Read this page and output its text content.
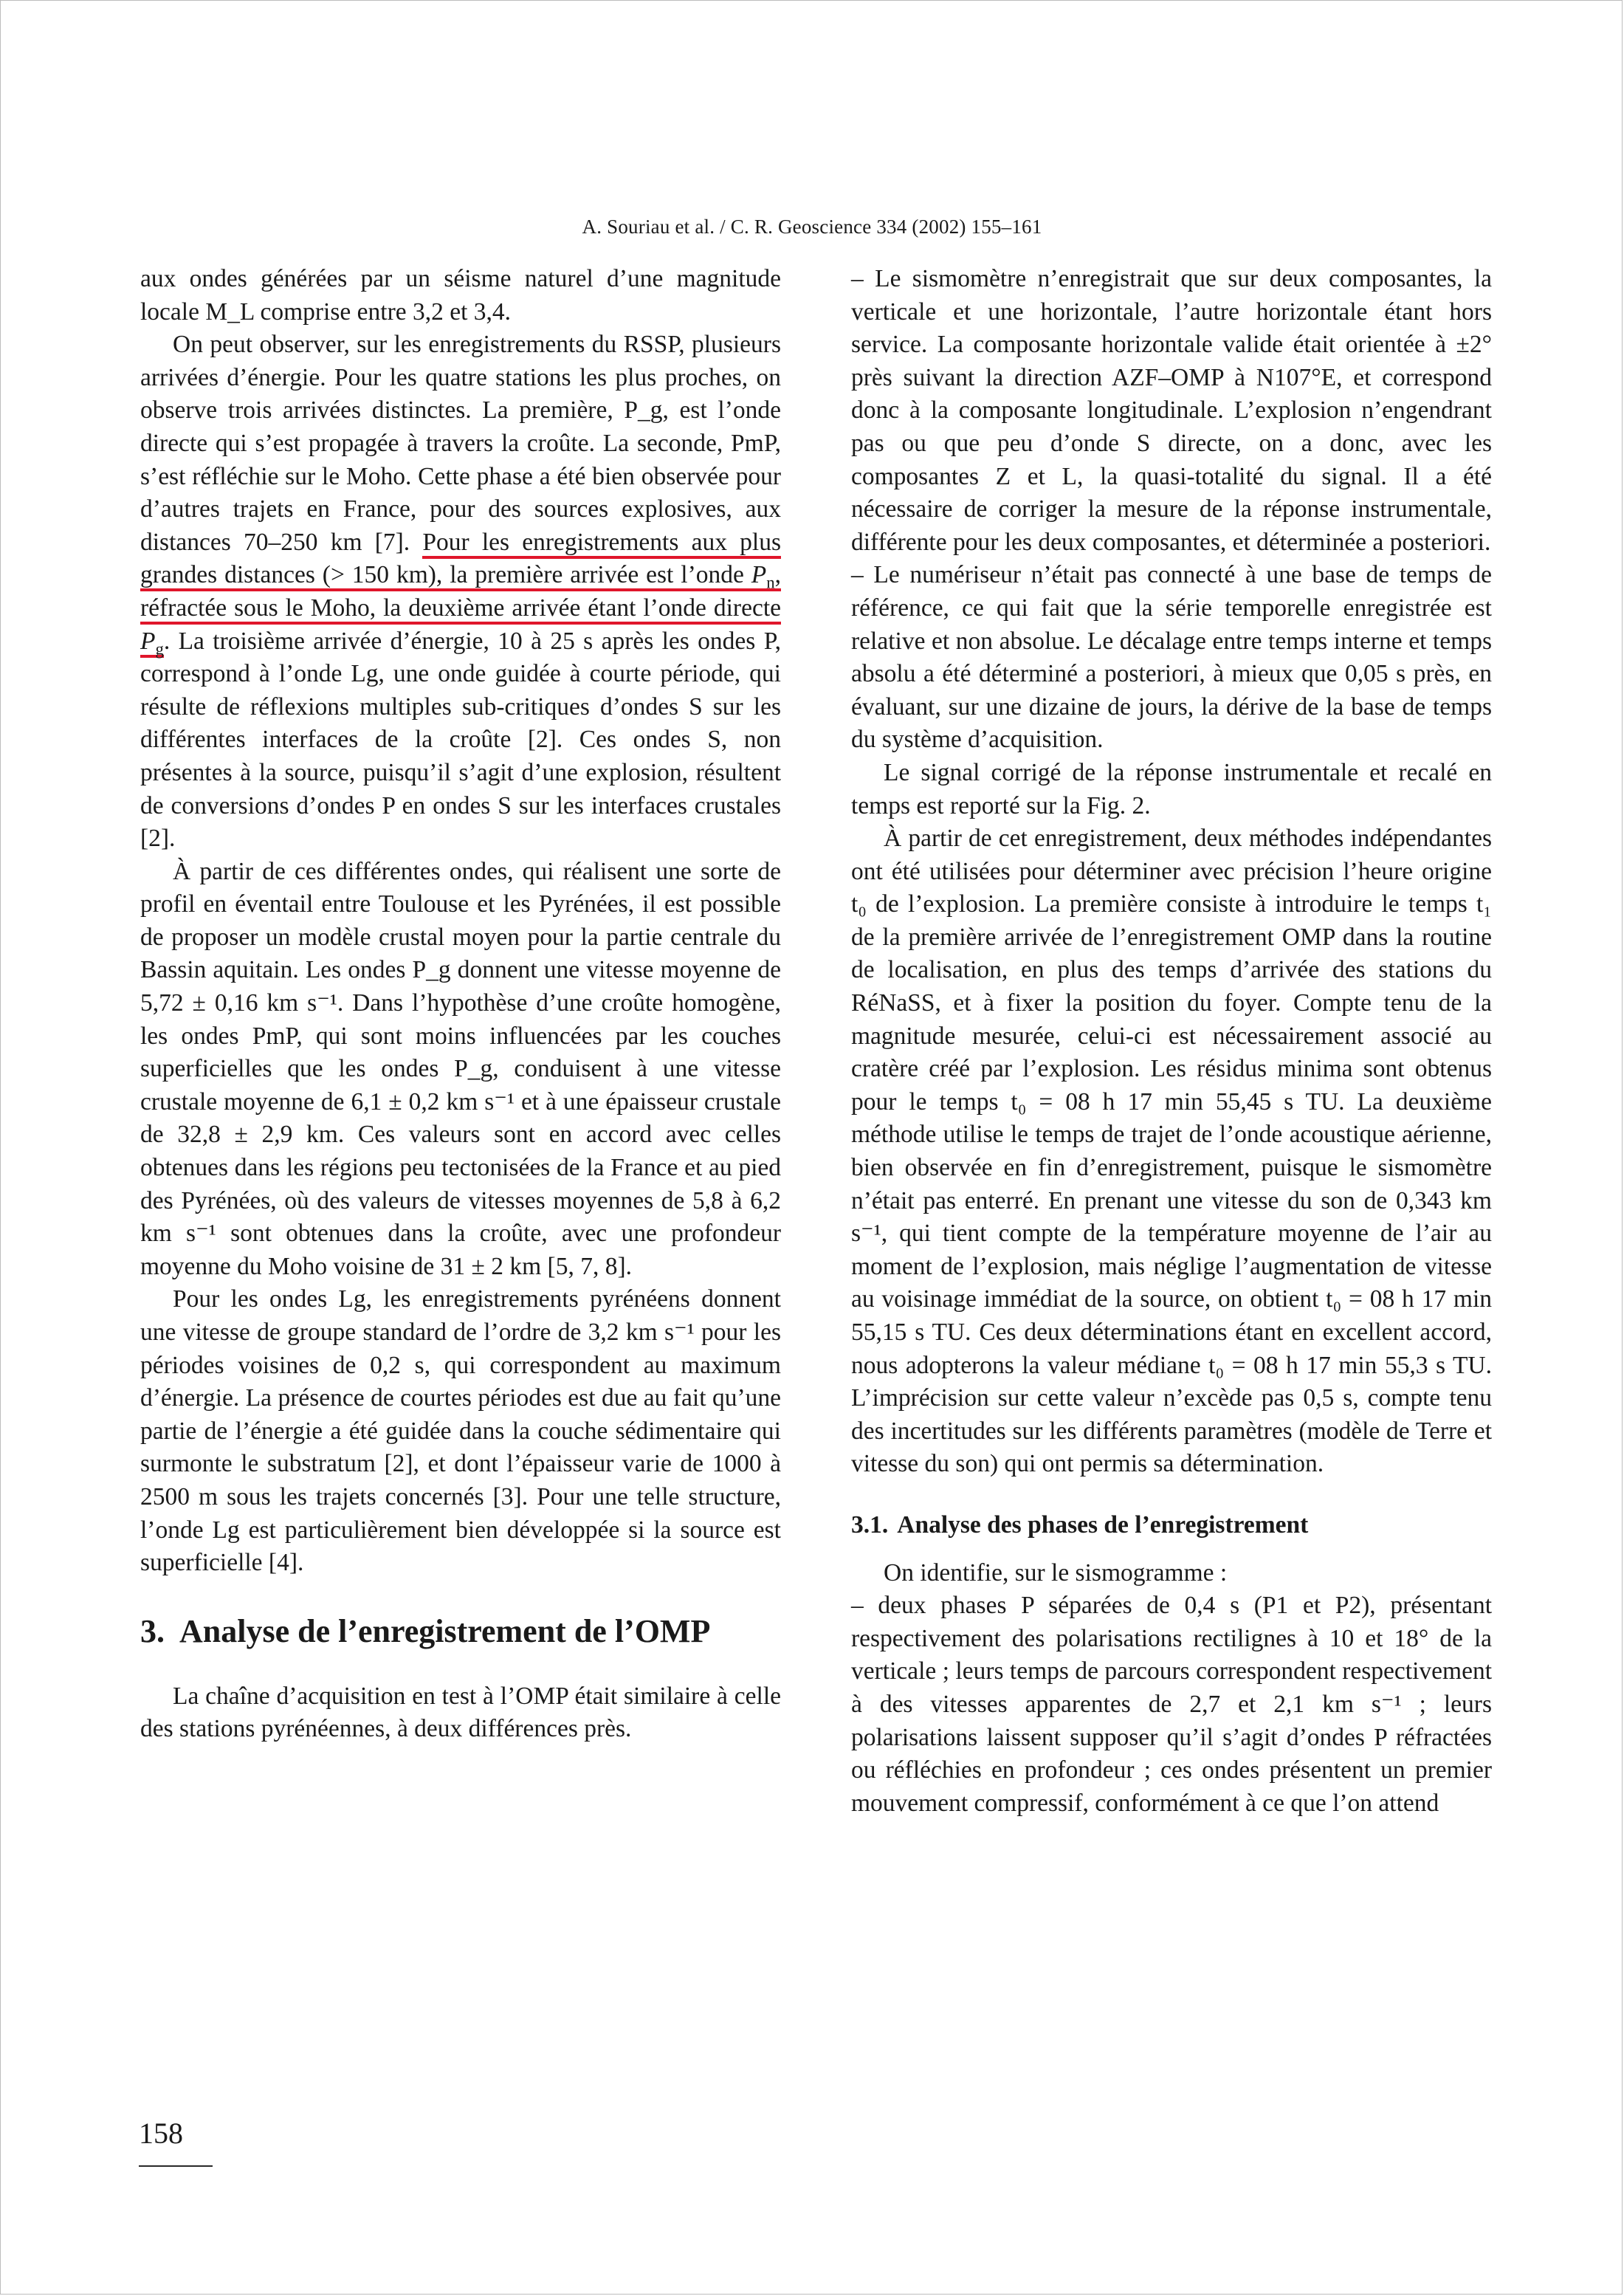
A. Souriau et al. / C. R. Geoscience 334 (2002) 155–161

aux ondes générées par un séisme naturel d’une magnitude locale M_L comprise entre 3,2 et 3,4.

On peut observer, sur les enregistrements du RSSP, plusieurs arrivées d’énergie. Pour les quatre stations les plus proches, on observe trois arrivées distinctes. La première, P_g, est l’onde directe qui s’est propagée à travers la croûte. La seconde, PmP, s’est réfléchie sur le Moho. Cette phase a été bien observée pour d’autres trajets en France, pour des sources explosives, aux distances 70–250 km [7]. Pour les enregistrements aux plus grandes distances (> 150 km), la première arrivée est l’onde $P_n$, réfractée sous le Moho, la deuxième arrivée étant l’onde directe $P_g$. La troisième arrivée d’énergie, 10 à 25 s après les ondes P, correspond à l’onde Lg, une onde guidée à courte période, qui résulte de réflexions multiples sub-critiques d’ondes S sur les différentes interfaces de la croûte [2]. Ces ondes S, non présentes à la source, puisqu’il s’agit d’une explosion, résultent de conversions d’ondes P en ondes S sur les interfaces crustales [2].

À partir de ces différentes ondes, qui réalisent une sorte de profil en éventail entre Toulouse et les Pyrénées, il est possible de proposer un modèle crustal moyen pour la partie centrale du Bassin aquitain. Les ondes P_g donnent une vitesse moyenne de 5,72 ± 0,16 km s⁻¹. Dans l’hypothèse d’une croûte homogène, les ondes PmP, qui sont moins influencées par les couches superficielles que les ondes P_g, conduisent à une vitesse crustale moyenne de 6,1 ± 0,2 km s⁻¹ et à une épaisseur crustale de 32,8 ± 2,9 km. Ces valeurs sont en accord avec celles obtenues dans les régions peu tectonisées de la France et au pied des Pyrénées, où des valeurs de vitesses moyennes de 5,8 à 6,2 km s⁻¹ sont obtenues dans la croûte, avec une profondeur moyenne du Moho voisine de 31 ± 2 km [5, 7, 8].

Pour les ondes Lg, les enregistrements pyrénéens donnent une vitesse de groupe standard de l’ordre de 3,2 km s⁻¹ pour les périodes voisines de 0,2 s, qui correspondent au maximum d’énergie. La présence de courtes périodes est due au fait qu’une partie de l’énergie a été guidée dans la couche sédimentaire qui surmonte le substratum [2], et dont l’épaisseur varie de 1000 à 2500 m sous les trajets concernés [3]. Pour une telle structure, l’onde Lg est particulièrement bien développée si la source est superficielle [4].

3. Analyse de l’enregistrement de l’OMP

La chaîne d’acquisition en test à l’OMP était similaire à celle des stations pyrénéennes, à deux différences près.

– Le sismomètre n’enregistrait que sur deux composantes, la verticale et une horizontale, l’autre horizontale étant hors service. La composante horizontale valide était orientée à ±2° près suivant la direction AZF–OMP à N107°E, et correspond donc à la composante longitudinale. L’explosion n’engendrant pas ou que peu d’onde S directe, on a donc, avec les composantes Z et L, la quasi-totalité du signal. Il a été nécessaire de corriger la mesure de la réponse instrumentale, différente pour les deux composantes, et déterminée a posteriori.

– Le numériseur n’était pas connecté à une base de temps de référence, ce qui fait que la série temporelle enregistrée est relative et non absolue. Le décalage entre temps interne et temps absolu a été déterminé a posteriori, à mieux que 0,05 s près, en évaluant, sur une dizaine de jours, la dérive de la base de temps du système d’acquisition.

Le signal corrigé de la réponse instrumentale et recalé en temps est reporté sur la Fig. 2.

À partir de cet enregistrement, deux méthodes indépendantes ont été utilisées pour déterminer avec précision l’heure origine t₀ de l’explosion. La première consiste à introduire le temps t₁ de la première arrivée de l’enregistrement OMP dans la routine de localisation, en plus des temps d’arrivée des stations du RéNaSS, et à fixer la position du foyer. Compte tenu de la magnitude mesurée, celui-ci est nécessairement associé au cratère créé par l’explosion. Les résidus minima sont obtenus pour le temps t₀ = 08 h 17 min 55,45 s TU. La deuxième méthode utilise le temps de trajet de l’onde acoustique aérienne, bien observée en fin d’enregistrement, puisque le sismomètre n’était pas enterré. En prenant une vitesse du son de 0,343 km s⁻¹, qui tient compte de la température moyenne de l’air au moment de l’explosion, mais néglige l’augmentation de vitesse au voisinage immédiat de la source, on obtient t₀ = 08 h 17 min 55,15 s TU. Ces deux déterminations étant en excellent accord, nous adopterons la valeur médiane t₀ = 08 h 17 min 55,3 s TU. L’imprécision sur cette valeur n’excède pas 0,5 s, compte tenu des incertitudes sur les différents paramètres (modèle de Terre et vitesse du son) qui ont permis sa détermination.

3.1. Analyse des phases de l’enregistrement

On identifie, sur le sismogramme :

– deux phases P séparées de 0,4 s (P1 et P2), présentant respectivement des polarisations rectilignes à 10 et 18° de la verticale ; leurs temps de parcours correspondent respectivement à des vitesses apparentes de 2,7 et 2,1 km s⁻¹ ; leurs polarisations laissent supposer qu’il s’agit d’ondes P réfractées ou réfléchies en profondeur ; ces ondes présentent un premier mouvement compressif, conformément à ce que l’on attend

158
